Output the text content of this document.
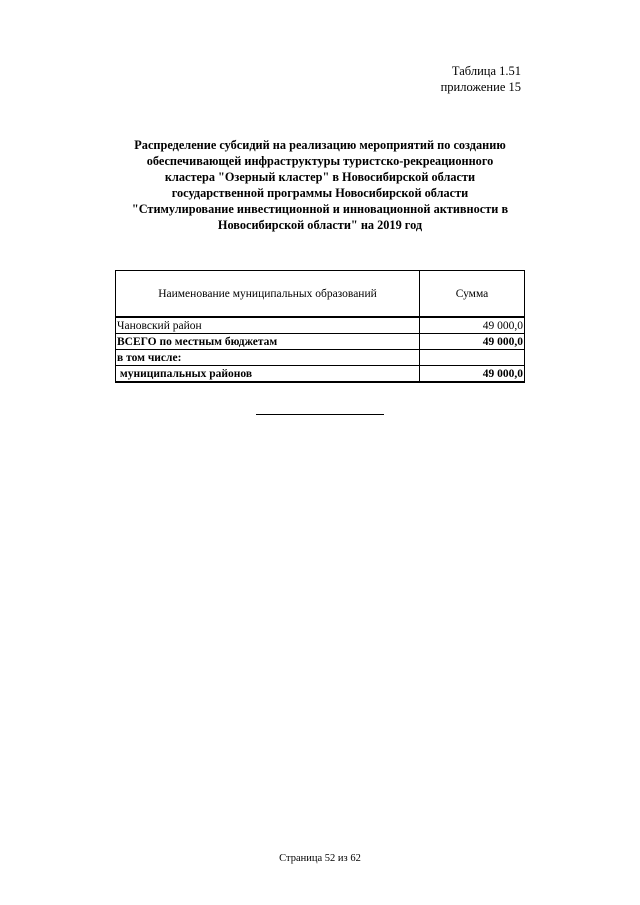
Таблица 1.51
приложение 15
Распределение субсидий на реализацию мероприятий по созданию
обеспечивающей инфраструктуры туристско-рекреационного
кластера "Озерный кластер" в Новосибирской области
государственной программы Новосибирской области
"Стимулирование инвестиционной и инновационной активности в
Новосибирской области" на 2019 год
Наименование муниципальных образований	Сумма
Чановский район	49 000,0
ВСЕГО по местным бюджетам	49 000,0
в том числе:	
муниципальных районов	49 000,0
Страница 52 из 62
